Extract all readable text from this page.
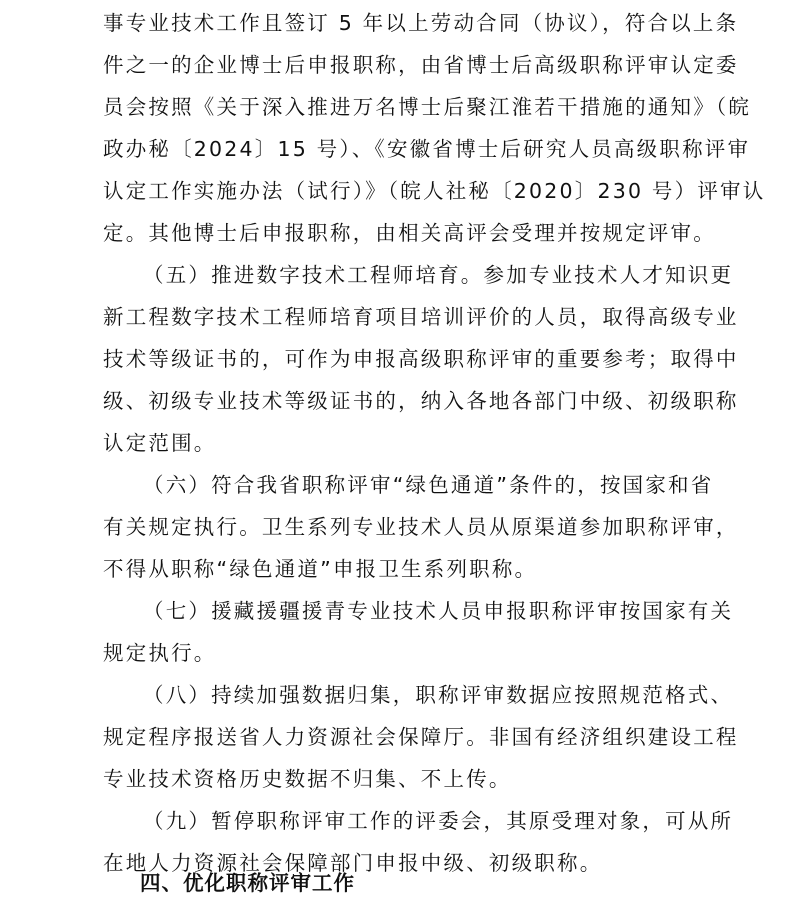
事专业技术工作且签订 5 年以上劳动合同（协议），符合以上条
件之一的企业博士后申报职称，由省博士后高级职称评审认定委
员会按照《关于深入推进万名博士后聚江淮若干措施的通知》（皖
政办秘〔2024〕15 号）、《安徽省博士后研究人员高级职称评审
认定工作实施办法（试行）》（皖人社秘〔2020〕230 号）评审认
定。其他博士后申报职称，由相关高评会受理并按规定评审。
（五）推进数字技术工程师培育。参加专业技术人才知识更
新工程数字技术工程师培育项目培训评价的人员，取得高级专业
技术等级证书的，可作为申报高级职称评审的重要参考；取得中
级、初级专业技术等级证书的，纳入各地各部门中级、初级职称
认定范围。
（六）符合我省职称评审“绿色通道”条件的，按国家和省
有关规定执行。卫生系列专业技术人员从原渠道参加职称评审，
不得从职称“绿色通道”申报卫生系列职称。
（七）援藏援疆援青专业技术人员申报职称评审按国家有关
规定执行。
（八）持续加强数据归集，职称评审数据应按照规范格式、
规定程序报送省人力资源社会保障厅。非国有经济组织建设工程
专业技术资格历史数据不归集、不上传。
（九）暂停职称评审工作的评委会，其原受理对象，可从所
在地人力资源社会保障部门申报中级、初级职称。
四、优化职称评审工作
